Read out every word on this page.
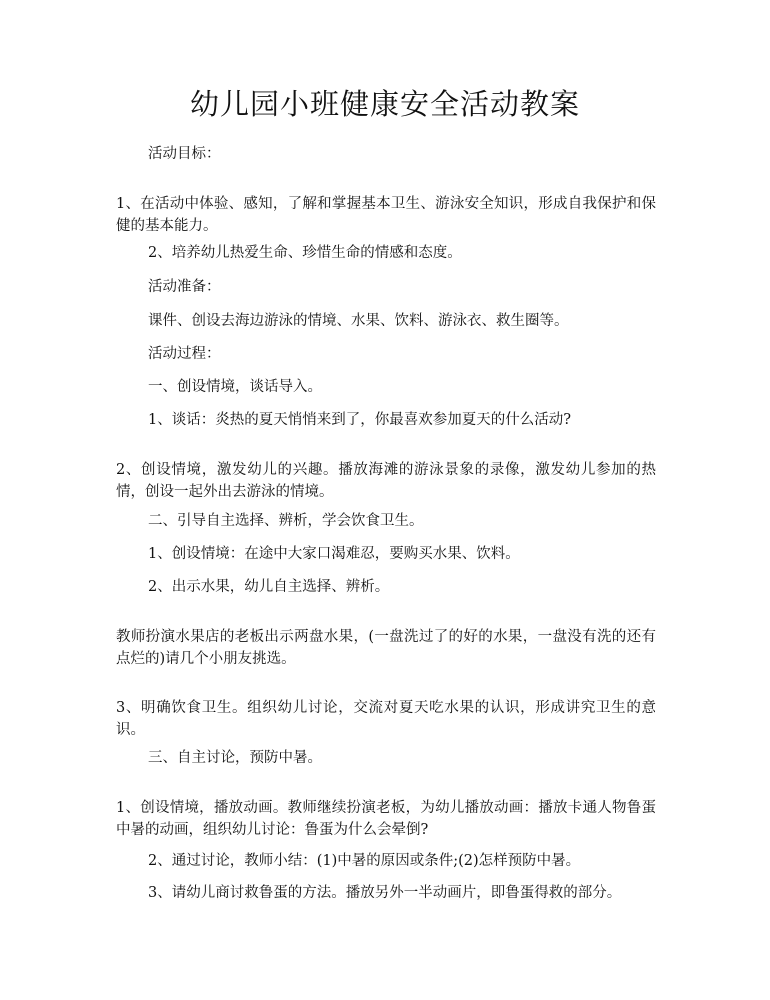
幼儿园小班健康安全活动教案

活动目标：

1、在活动中体验、感知，了解和掌握基本卫生、游泳安全知识，形成自我保护和保健的基本能力。

2、培养幼儿热爱生命、珍惜生命的情感和态度。

活动准备：

课件、创设去海边游泳的情境、水果、饮料、游泳衣、救生圈等。

活动过程：

一、创设情境，谈话导入。

1、谈话：炎热的夏天悄悄来到了，你最喜欢参加夏天的什么活动?

2、创设情境，激发幼儿的兴趣。播放海滩的游泳景象的录像，激发幼儿参加的热情，创设一起外出去游泳的情境。

二、引导自主选择、辨析，学会饮食卫生。

1、创设情境：在途中大家口渴难忍，要购买水果、饮料。

2、出示水果，幼儿自主选择、辨析。

教师扮演水果店的老板出示两盘水果，(一盘洗过了的好的水果，一盘没有洗的还有点烂的)请几个小朋友挑选。

3、明确饮食卫生。组织幼儿讨论，交流对夏天吃水果的认识，形成讲究卫生的意识。

三、自主讨论，预防中暑。

1、创设情境，播放动画。教师继续扮演老板，为幼儿播放动画：播放卡通人物鲁蛋中暑的动画，组织幼儿讨论：鲁蛋为什么会晕倒?

2、通过讨论，教师小结：(1)中暑的原因或条件;(2)怎样预防中暑。

3、请幼儿商讨救鲁蛋的方法。播放另外一半动画片，即鲁蛋得救的部分。
